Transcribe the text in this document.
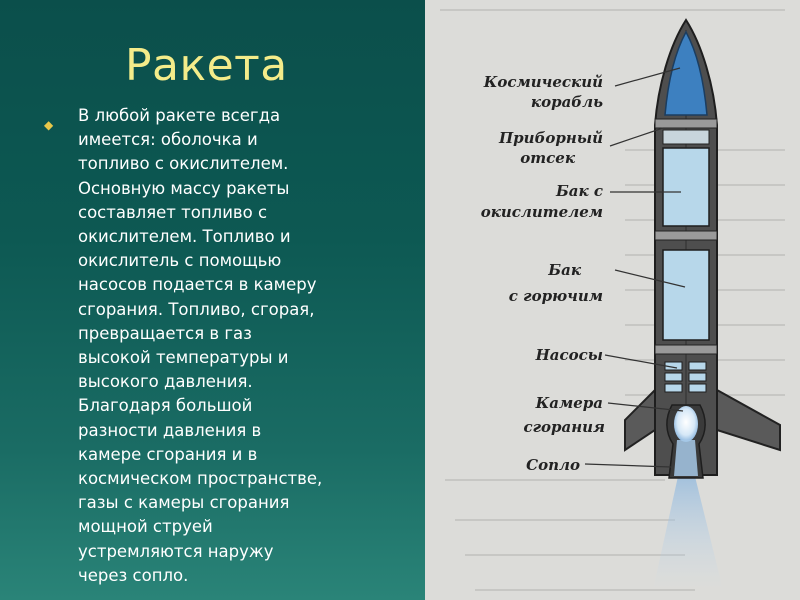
Ракета
◆ В любой ракете всегда
имеется: оболочка и
топливо с окислителем.
Основную массу ракеты
составляет топливо с
окислителем. Топливо и
окислитель с помощью
насосов подается в камеру
сгорания. Топливо, сгорая,
превращается в газ
высокой температуры и
высокого давления.
Благодаря большой
разности давления в
камере сгорания и в
космическом пространстве,
газы с камеры сгорания
мощной струей
устремляются наружу
через сопло.

Космический
корабль
Приборный
отсек
Бак с
окислителем
Бак
с горючим
Насосы
Камера
сгорания
Сопло
